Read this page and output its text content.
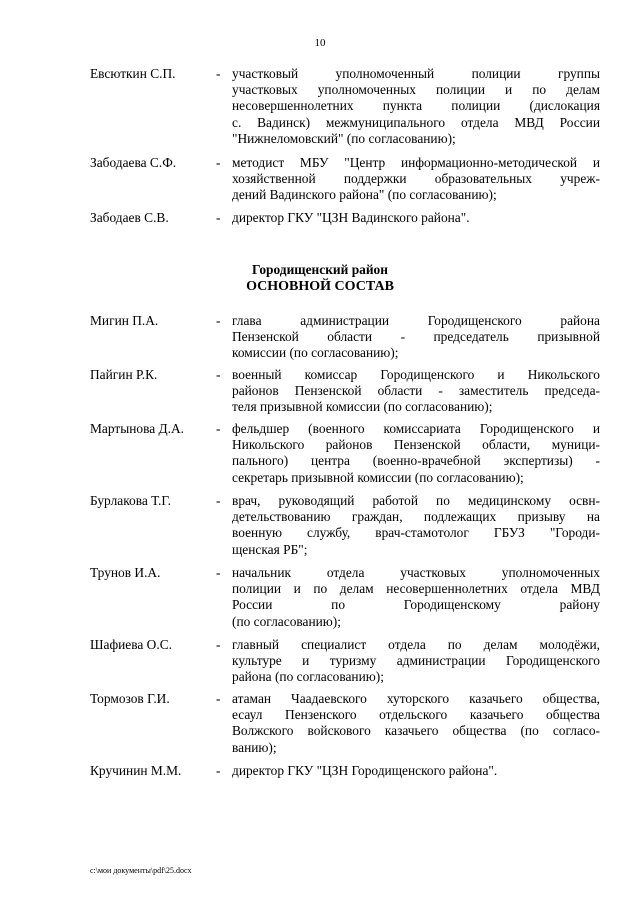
10
Евсюткин С.П.	- участковый уполномоченный полиции группы
участковых уполномоченных полиции и по делам
несовершеннолетних пункта полиции (дислокация
с. Вадинск) межмуниципального отдела МВД России
"Нижнеломовский" (по согласованию);
Забодаева С.Ф.	- методист МБУ "Центр информационно-методической и
хозяйственной поддержки образовательных учреж-
дений Вадинского района" (по согласованию);
Забодаев С.В.	- директор ГКУ "ЦЗН Вадинского района".
Мигин П.А.	- глава администрации Городищенского района
Пензенской области - председатель призывной
комиссии (по согласованию);
Пайгин Р.К.	- военный комиссар Городищенского и Никольского
районов Пензенской области - заместитель председа-
теля призывной комиссии (по согласованию);
Мартынова Д.А. - фельдшер (военного комиссариата Городищенского и
Никольского районов Пензенской области, муници-
пального) центра (военно-врачебной экспертизы) -
секретарь призывной комиссии (по согласованию);
Бурлакова Т.Г.	- врач, руководящий работой по медицинскому освн-
детельствованию граждан, подлежащих призыву на
военную службу, врач-стамотолог ГБУЗ "Городи-
щенская РБ";
Трунов И.А.	- начальник отдела участковых уполномоченных
полиции и по делам несовершеннолетних отдела МВД
России по Городищенскому району
(по согласованию);
Шафиева О.С.	- главный специалист отдела по делам молодёжи,
культуре и туризму администрации Городищенского
района (по согласованию);
Тормозов Г.И.	- атаман Чаадаевского хуторского казачьего общества,
есаул Пензенского отдельского казачьего общества
Волжского войскового казачьего общества (по согласо-
ванию);
Кручинин М.М.	- директор ГКУ "ЦЗН Городищенского района".
Городищенский район
ОСНОВНОЙ СОСТАВ
c:\мои документы\pdf\25.docx
